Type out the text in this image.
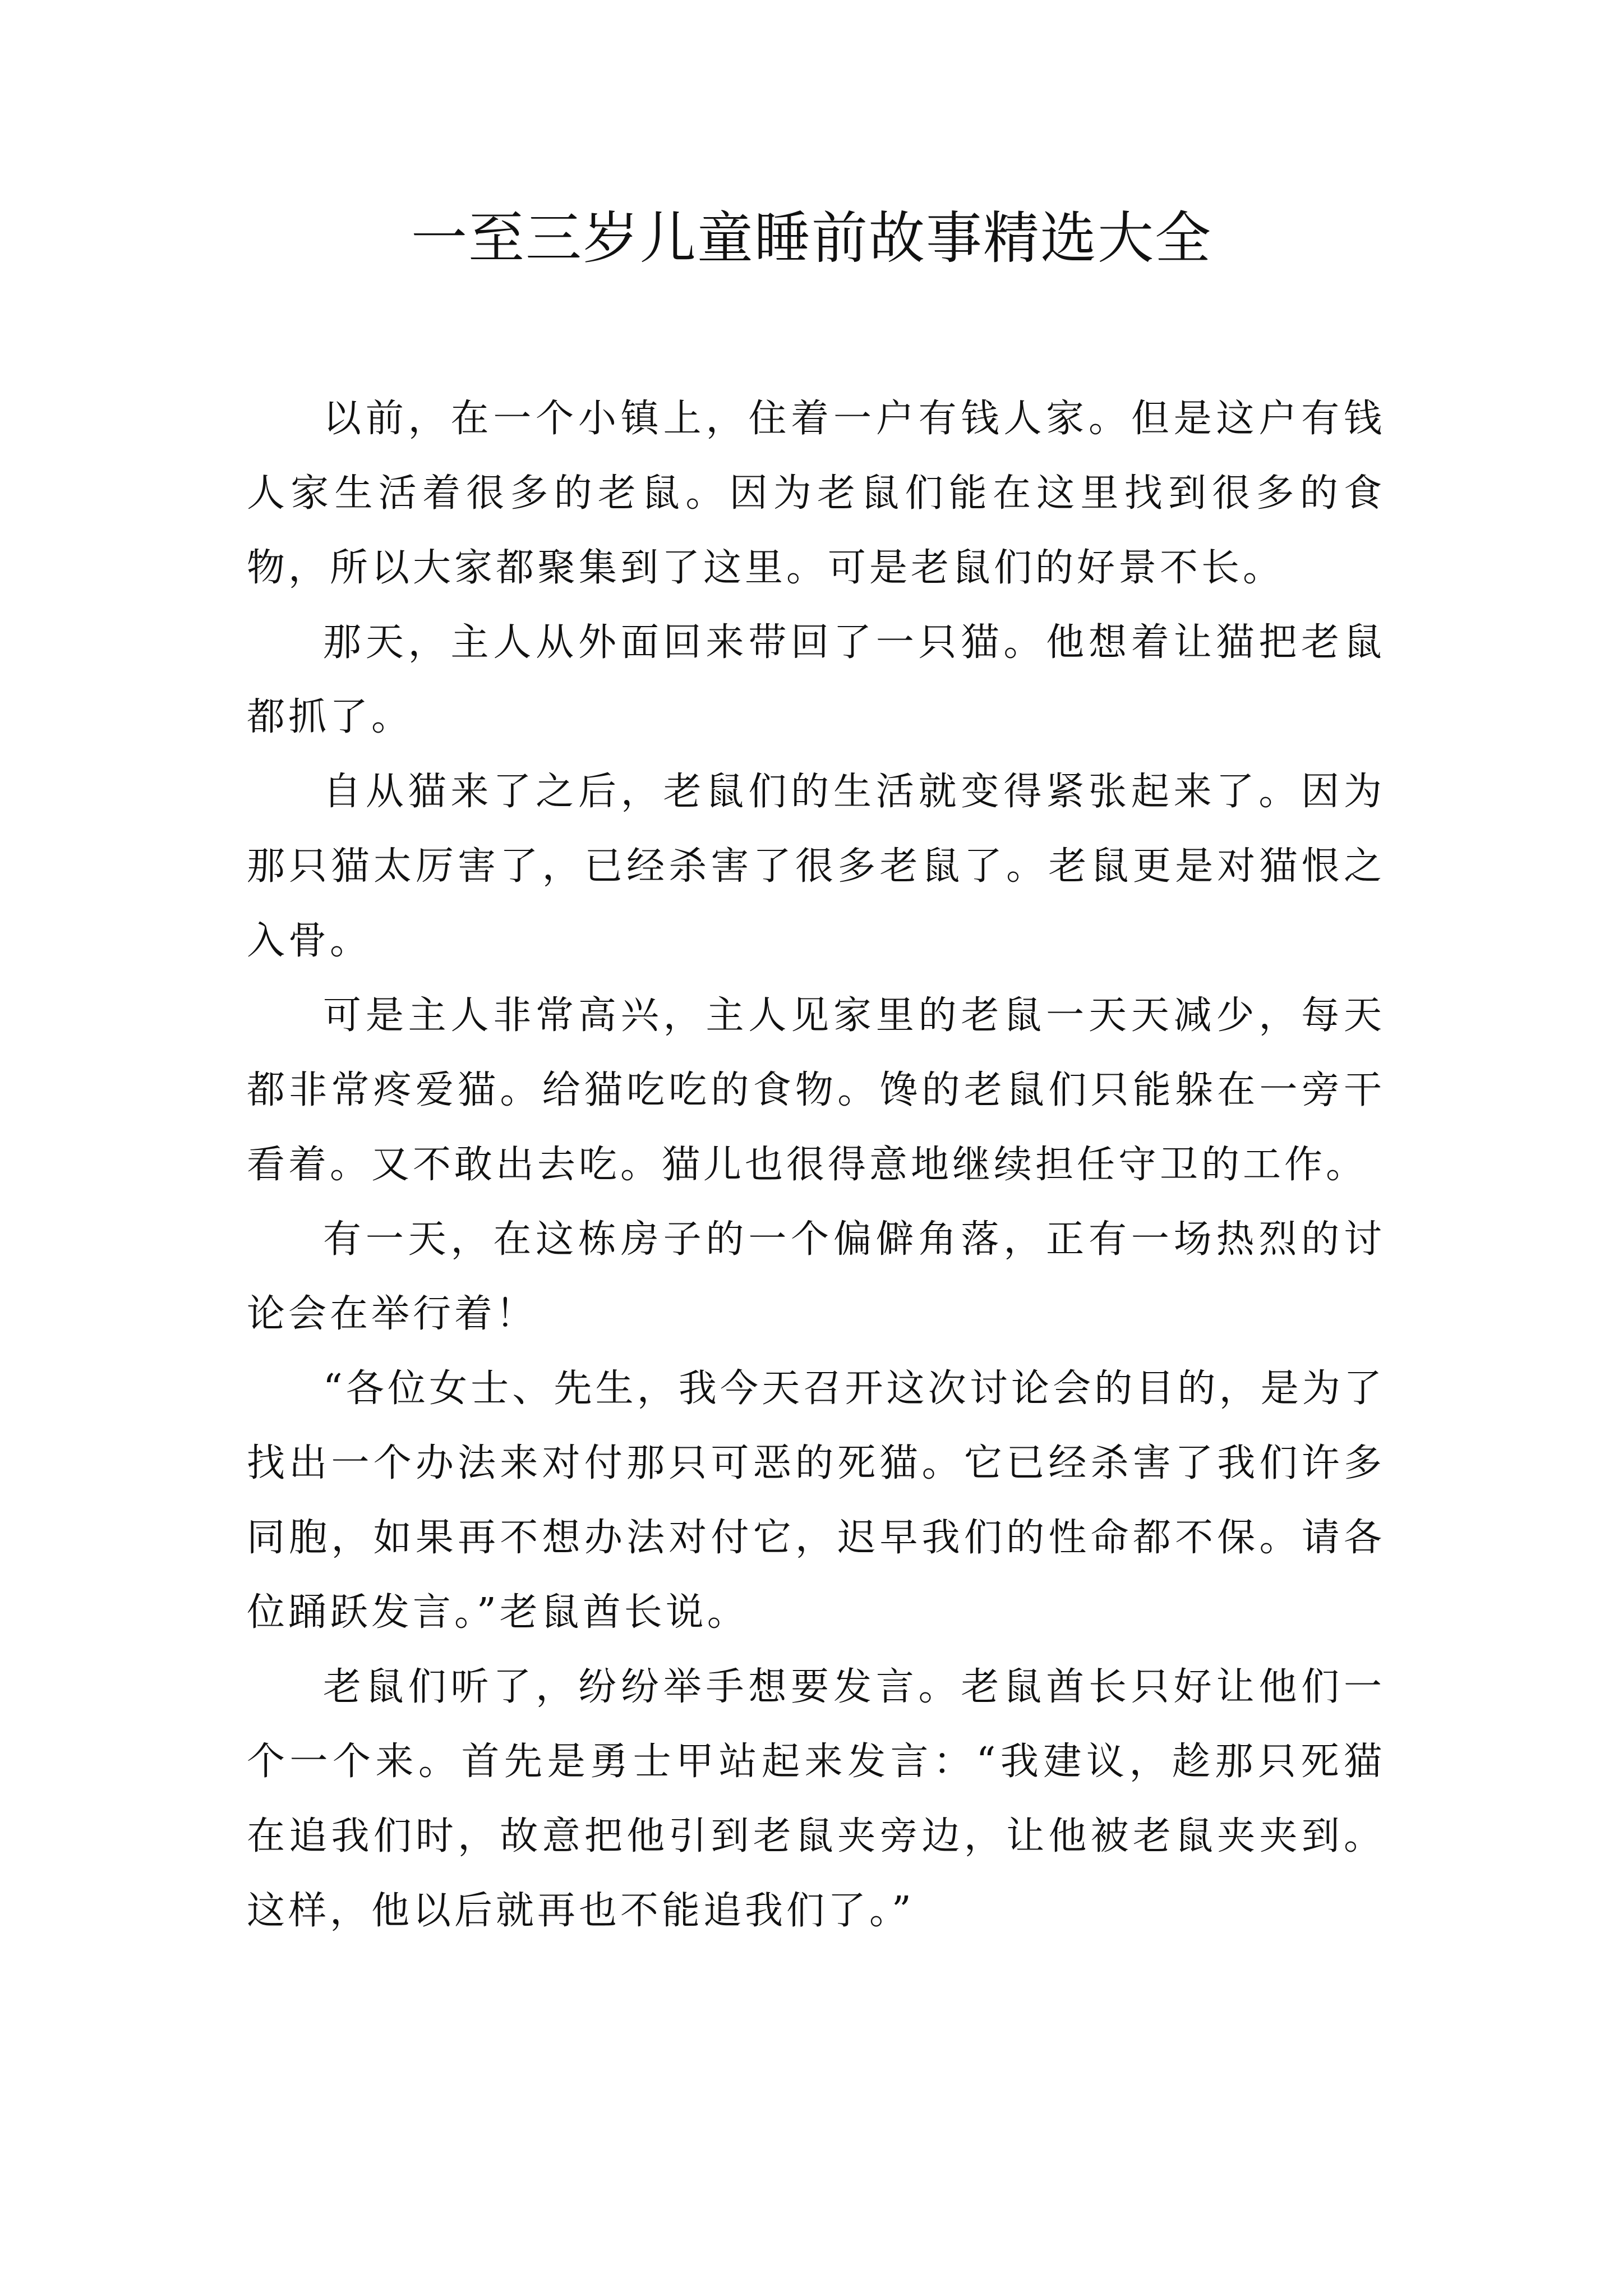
一至三岁儿童睡前故事精选大全

以前，在一个小镇上，住着一户有钱人家。但是这户有钱人家生活着很多的老鼠。因为老鼠们能在这里找到很多的食物，所以大家都聚集到了这里。可是老鼠们的好景不长。

那天，主人从外面回来带回了一只猫。他想着让猫把老鼠都抓了。

自从猫来了之后，老鼠们的生活就变得紧张起来了。因为那只猫太厉害了，已经杀害了很多老鼠了。老鼠更是对猫恨之入骨。

可是主人非常高兴，主人见家里的老鼠一天天减少，每天都非常疼爱猫。给猫吃吃的食物。馋的老鼠们只能躲在一旁干看着。又不敢出去吃。猫儿也很得意地继续担任守卫的工作。

有一天，在这栋房子的一个偏僻角落，正有一场热烈的讨论会在举行着！

“各位女士、先生，我今天召开这次讨论会的目的，是为了找出一个办法来对付那只可恶的死猫。它已经杀害了我们许多同胞，如果再不想办法对付它，迟早我们的性命都不保。请各位踊跃发言。”老鼠酋长说。

老鼠们听了，纷纷举手想要发言。老鼠酋长只好让他们一个一个来。首先是勇士甲站起来发言：“我建议，趁那只死猫在追我们时，故意把他引到老鼠夹旁边，让他被老鼠夹夹到。这样，他以后就再也不能追我们了。”
